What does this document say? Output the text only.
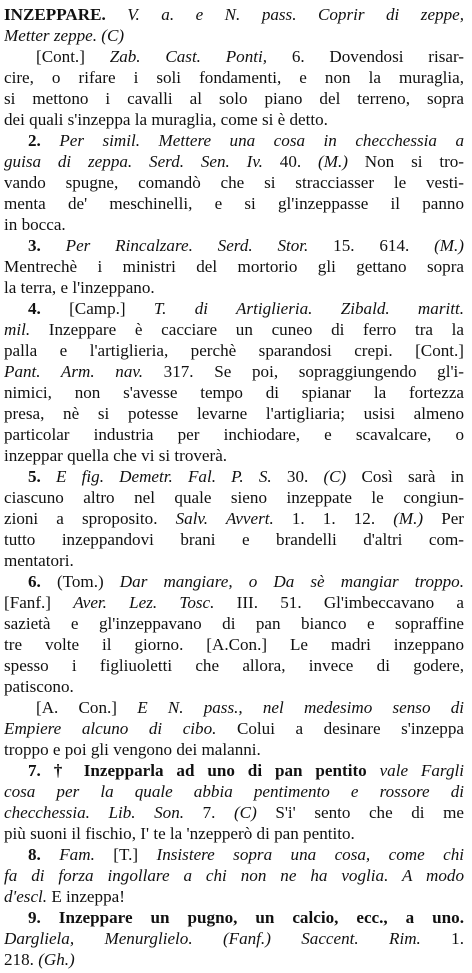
INZEPPARE. V. a. e N. pass. Coprir di zeppe,
Metter zeppe. (C)
[Cont.] Zab. Cast. Ponti, 6. Dovendosi risar-
cire, o rifare i soli fondamenti, e non la muraglia,
si mettono i cavalli al solo piano del terreno, sopra
dei quali s'inzeppa la muraglia, come si è detto.
2. Per simil. Mettere una cosa in checchessia a
guisa di zeppa. Serd. Sen. Iv. 40. (M.) Non si tro-
vando spugne, comandò che si stracciasser le vesti-
menta de' meschinelli, e si gl'inzeppasse il panno
in bocca.
3. Per Rincalzare. Serd. Stor. 15. 614. (M.)
Mentrechè i ministri del mortorio gli gettano sopra
la terra, e l'inzeppano.
4. [Camp.] T. di Artiglieria. Zibald. maritt.
mil. Inzeppare è cacciare un cuneo di ferro tra la
palla e l'artiglieria, perchè sparandosi crepi. [Cont.]
Pant. Arm. nav. 317. Se poi, sopraggiungendo gl'i-
nimici, non s'avesse tempo di spianar la fortezza
presa, nè si potesse levarne l'artigliaria; usisi almeno
particolar industria per inchiodare, e scavalcare, o
inzeppar quella che vi si troverà.
5. E fig. Demetr. Fal. P. S. 30. (C) Così sarà in
ciascuno altro nel quale sieno inzeppate le congiun-
zioni a sproposito. Salv. Avvert. 1. 1. 12. (M.) Per
tutto inzeppandovi brani e brandelli d'altri com-
mentatori.
6. (Tom.) Dar mangiare, o Da sè mangiar troppo.
[Fanf.] Aver. Lez. Tosc. III. 51. Gl'imbeccavano a
sazietà e gl'inzeppavano di pan bianco e sopraffine
tre volte il giorno. [A.Con.] Le madri inzeppano
spesso i figliuoletti che allora, invece di godere,
patiscono.
[A. Con.] E N. pass., nel medesimo senso di
Empiere alcuno di cibo. Colui a desinare s'inzeppa
troppo e poi gli vengono dei malanni.
7. † Inzepparla ad uno di pan pentito vale Fargli
cosa per la quale abbia pentimento e rossore di
checchessia. Lib. Son. 7. (C) S'i' sento che di me
più suoni il fischio, I' te la 'nzepperò di pan pentito.
8. Fam. [T.] Insistere sopra una cosa, come chi
fa di forza ingollare a chi non ne ha voglia. A modo
d'escl. E inzeppa!
9. Inzeppare un pugno, un calcio, ecc., a uno.
Dargliela, Menurglielo. (Fanf.) Saccent. Rim. 1.
218. (Gh.)
